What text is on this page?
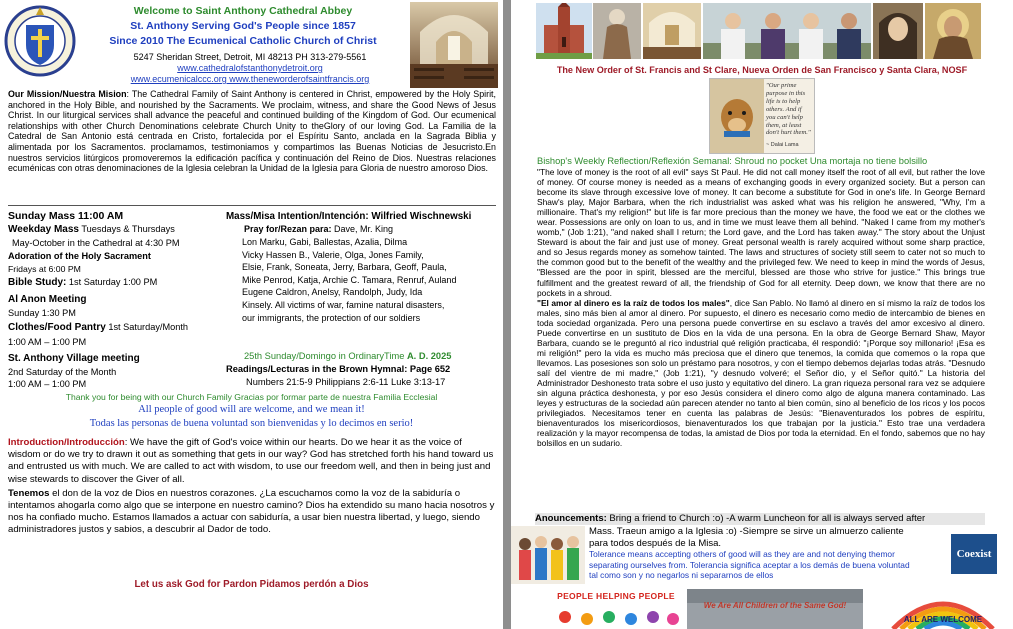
Welcome to Saint Anthony Cathedral Abbey

St. Anthony Serving God's People since 1857

Since 2010 The Ecumenical Catholic Church of Christ

5247 Sheridan Street, Detroit, MI 48213 PH 313-279-5561

www.cathedralofstanthonydetroit.org

www.ecumenicalccc.org www.theneworderofsaintfrancis.org

Our Mission/Nuestra Mision: The Cathedral Family of Saint Anthony is centered in Christ, empowered by the Holy Spirit, anchored in the Holy Bible, and nourished by the Sacraments. We proclaim, witness, and share the Good News of Jesus Christ. In our liturgical services shall advance the peaceful and continued building of the Kingdom of God. Our ecumenical relationships with other Church Denominations celebrate Church Unity to theGlory of our loving God. La Familia de la Catedral de San Antonio está centrada en Cristo, fortalecida por el Espíritu Santo, anclada en la Sagrada Biblia y alimentada por los Sacramentos. proclamamos, testimoniamos y compartimos las Buenas Noticias de Jesucristo.En nuestros servicios litúrgicos promoveremos la edificación pacífica y continuación del Reino de Dios. Nuestras relaciones ecuménicas con otras denominaciones de la Iglesia celebran la Unidad de la Iglesia para Gloria de nuestro amoroso Dios.

Sunday Mass 11:00 AM

Weekday Mass Tuesdays & Thursdays

May-October in the Cathedral at 4:30 PM

Adoration of the Holy Sacrament

Fridays at 6:00 PM

Bible Study: 1st Saturday 1:00 PM

Al Anon Meeting

Sunday 1:30 PM

Clothes/Food Pantry 1st Saturday/Month

1:00 AM – 1:00 PM

St. Anthony Village meeting

2nd Saturday of the Month

1:00 AM – 1:00 PM

Mass/Misa Intention/Intención: Wilfried Wischnewski

Pray for/Rezan para: Dave, Mr. King

Lon Marku, Gabi, Ballestas, Azalia, Dilma

Vicky Hassen B., Valerie, Olga, Jones Family,

Elsie, Frank, Soneata, Jerry, Barbara, Geoff, Paula,

Mike Penrod, Katja, Archie C. Tamara, Renruf, Auland

Eugene Caldron, Anelsy, Randolph, Judy, Ida

Kinsely. All victims of war, famine natural disasters,

our immigrants, the protection of our soldiers

25th Sunday/Domingo in OrdinaryTime A. D. 2025

Readings/Lecturas in the Brown Hymnal: Page 652

Numbers 21:5-9 Philippians 2:6-11 Luke 3:13-17

Thank you for being with our Church Family Gracias por formar parte de nuestra Familia Ecclesial

All people of good will are welcome, and we mean it!

Todas las personas de buena voluntad son bienvenidas y lo decimos en serio!

Introduction/Introducción: We have the gift of God's voice within our hearts. Do we hear it as the voice of wisdom or do we try to drawn it out as something that gets in our way? God has stretched forth his hand toward us and entrusted us with much. We are called to act with wisdom, to use our freedom well, and then in being just and wise stewards to discover the Giver of all.

Tenemos el don de la voz de Dios en nuestros corazones. ¿La escuchamos como la voz de la sabiduría o intentamos ahogarla como algo que se interpone en nuestro camino? Dios ha extendido su mano hacia nosotros y nos ha confiado mucho. Estamos llamados a actuar con sabiduría, a usar bien nuestra libertad, y luego, siendo administradores justos y sabios, a descubrir al Dador de todo.

Let us ask God for Pardon Pidamos perdón a Dios

The New Order of St. Francis and St Clare, Nueva Orden de San Francisco y Santa Clara, NOSF

"Our prime purpose in this life is to help others. And if you can't help them, at least don't hurt them."

~ Dalai Lama

Bishop's Weekly Reflection/Reflexión Semanal: Shroud no pocket Una mortaja no tiene bolsillo

"The love of money is the root of all evil" says St Paul. He did not call money itself the root of all evil, but rather the love of money. Of course money is needed as a means of exchanging goods in every organized society. But a person can become its slave through excessive love of money. It can become a substitute for God in one's life. In George Bernard Shaw's play, Major Barbara, when the rich industrialist was asked what was his religion he answered, "Why, I'm a millionaire. That's my religion!" but life is far more precious than the money we have, the food we eat or the clothes we wear. Possessions are only on loan to us, and in time we must leave them all behind. "Naked I came from my mother's womb," (Job 1:21), "and naked shall I return; the Lord gave, and the Lord has taken away." The story about the Unjust Steward is about the fair and just use of money. Great personal wealth is rarely acquired without some sharp practice, and so Jesus regards money as somehow tainted. The laws and structures of society still seem to cater not so much to the common good but to the benefit of the wealthy and the privileged few. We need to keep in mind the words of Jesus, "Blessed are the poor in spirit, blessed are the merciful, blessed are those who strive for justice." This brings true fulfillment and the greatest reward of all, the friendship of God for all eternity. Deep down, we know that there are no pockets in a shroud.

"El amor al dinero es la raíz de todos los males", dice San Pablo. No llamó al dinero en sí mismo la raíz de todos los males, sino más bien al amor al dinero. Por supuesto, el dinero es necesario como medio de intercambio de bienes en toda sociedad organizada. Pero una persona puede convertirse en su esclavo a través del amor excesivo al dinero. Puede convertirse en un sustituto de Dios en la vida de una persona. En la obra de George Bernard Shaw, Mayor Barbara, cuando se le preguntó al rico industrial qué religión practicaba, él respondió: "¡Porque soy millonario! ¡Esa es mi religión!" pero la vida es mucho más preciosa que el dinero que tenemos, la comida que comemos o la ropa que llevamos. Las posesiones son solo un préstamo para nosotros, y con el tiempo debemos dejarlas todas atrás. "Desnudo salí del vientre de mi madre," (Job 1:21), "y desnudo volveré; el Señor dio, y el Señor quitó." La historia del Administrador Deshonesto trata sobre el uso justo y equitativo del dinero. La gran riqueza personal rara vez se adquiere sin alguna práctica deshonesta, y por eso Jesús considera el dinero como algo de alguna manera contaminado. Las leyes y estructuras de la sociedad aún parecen atender no tanto al bien común, sino al beneficio de los ricos y los pocos privilegiados. Necesitamos tener en cuenta las palabras de Jesús: "Bienaventurados los pobres de espíritu, bienaventurados los misericordiosos, bienaventurados los que trabajan por la justicia." Esto trae una verdadera realización y la mayor recompensa de todas, la amistad de Dios por toda la eternidad. En el fondo, sabemos que no hay bolsillos en un sudario.

Anouncements: Bring a friend to Church :o) -A warm Luncheon for all is always served after

Mass. Traeun amigo a la Iglesia :o) -Siempre se sirve un almuerzo caliente para todos después de la Misa.

Tolerance means accepting others of good will as they are and not denying themor separating ourselves from. Tolerancia significa aceptar a los demás de buena voluntad tal como son y no negarlos ni separarnos de ellos

Coexist

PEOPLE HELPING PEOPLE

We Are All Children of the Same God!

ALL ARE WELCOME
